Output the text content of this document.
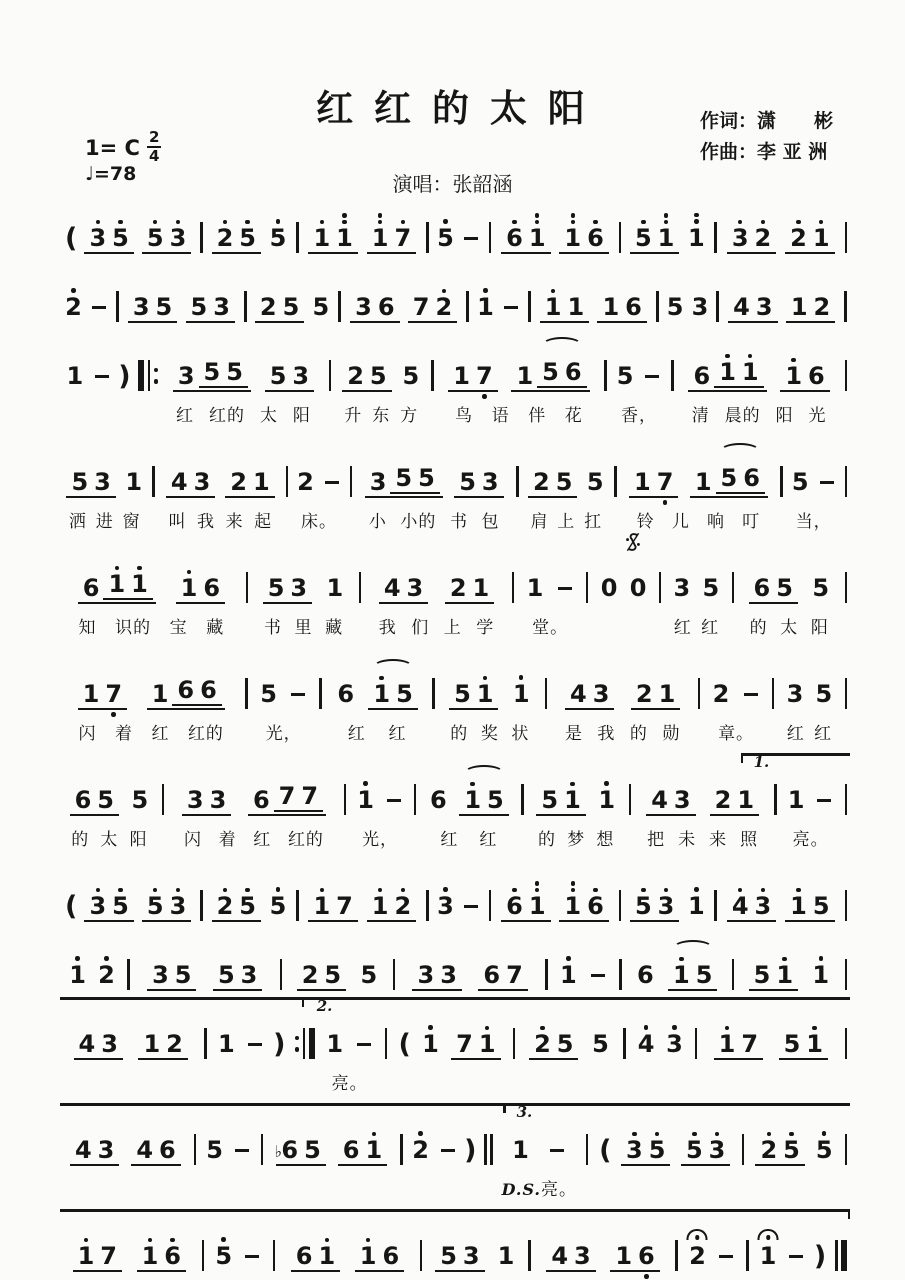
红 红 的 太 阳	作词：潇　　彬
作曲：李 亚 洲
1= C $\frac{2}{4}$
♩=78	演唱：张韶涵
( 3 5 5 3 2 5 5 1 1 1 7 5 6 1 1 6 5 1 1 3 2 2 1
2 3 5 5 3 2 5 5 3 6 7 2 1 1 1 1 6 5 3 4 3 1 2
1 ) 3 5 5 5 3
红 红的 太 阳
2 5 5
升 东 方
1 7 1 5 6
鸟 语 伴 花
5
香，
6 1 1 1 6
清 晨的 阳 光
5 3 1
洒 进 窗
4 3 2 1
叫 我 来 起
2
床。
3 5 5 5 3
小 小的 书 包
2 5 5
肩 上 扛
1 7 1 5 6
铃 儿 响 叮
5
当，
6 1 1 1 6
知 识的 宝 藏
5 3 1
书 里 藏
4 3 2 1
我 们 上 学
1
堂。
0 0 3 5
红 红
6 5 5
的 太 阳
1 7 1 6 6
闪 着 红 红的
5
光，
6 1 5
红 红
5 1 1
的 奖 状
4 3 2 1
是 我 的 勋
2
章。
3 5
红 红
1.
6 5 5
的 太 阳
3 3 6 7 7
闪 着 红 红的
1
光，
6 1 5
红 红
5 1 1
的 梦 想
4 3 2 1
把 未 来 照
1
亮。
( 3 5 5 3 2 5 5 1 7 1 2 3 6 1 1 6 5 3 1 4 3 1 5
1 2 3 5 5 3 2 5 5 3 3 6 7 1	6 1 5 5 1 1
2.
4 3 1 2 1 ) 1
亮。
( 1 7 1 2 5 5 4 3 1 7 5 1
3.
4 3 4 6 5 6
♭ 5 6 1 2 ) 1
D.S.亮。
( 3 5 5 3 2 5 5
1 7 1 6 5	6 1 1 6 5 3 1 4 3 1 6 2 1 )
